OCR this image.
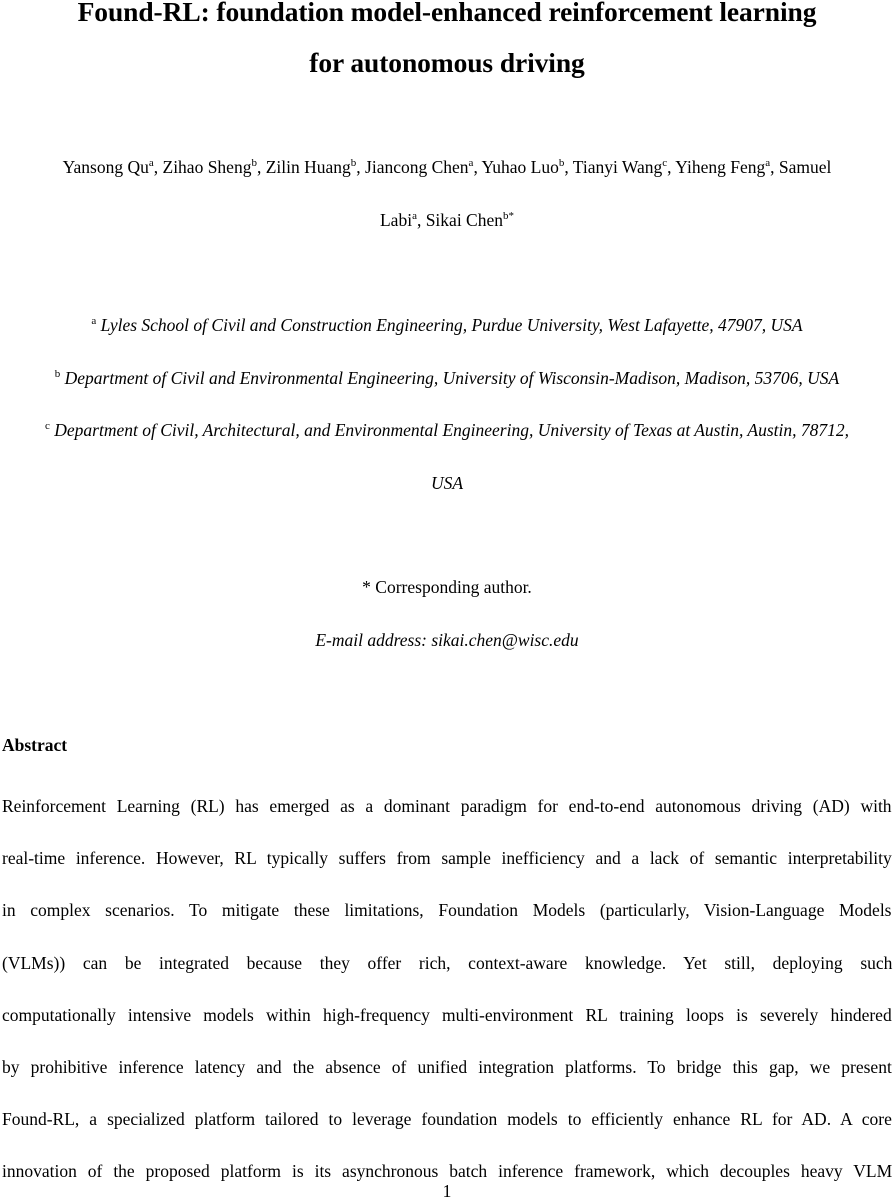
Found-RL: foundation model-enhanced reinforcement learning
for autonomous driving
Yansong Qu$^a$, Zihao Sheng$^b$, Zilin Huang$^b$, Jiancong Chen$^a$, Yuhao Luo$^b$, Tianyi Wang$^c$, Yiheng Feng$^a$, Samuel
Labi$^a$, Sikai Chen$^{b*}$
$^a$ Lyles School of Civil and Construction Engineering, Purdue University, West Lafayette, 47907, USA
$^b$ Department of Civil and Environmental Engineering, University of Wisconsin-Madison, Madison, 53706, USA
$^c$ Department of Civil, Architectural, and Environmental Engineering, University of Texas at Austin, Austin, 78712,
USA
* Corresponding author.
E-mail address: sikai.chen@wisc.edu
Abstract
Reinforcement Learning (RL) has emerged as a dominant paradigm for end-to-end autonomous driving (AD) with
real-time inference. However, RL typically suffers from sample inefficiency and a lack of semantic interpretability
in complex scenarios. To mitigate these limitations, Foundation Models (particularly, Vision-Language Models
(VLMs)) can be integrated because they offer rich, context-aware knowledge. Yet still, deploying such
computationally intensive models within high-frequency multi-environment RL training loops is severely hindered
by prohibitive inference latency and the absence of unified integration platforms. To bridge this gap, we present
Found-RL, a specialized platform tailored to leverage foundation models to efficiently enhance RL for AD. A core
innovation of the proposed platform is its asynchronous batch inference framework, which decouples heavy VLM
1
